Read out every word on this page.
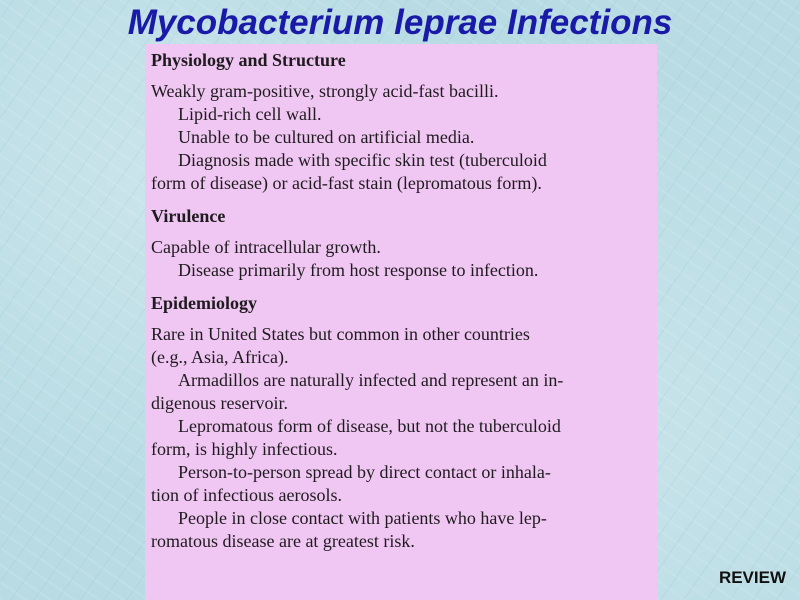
Mycobacterium leprae Infections

Physiology and Structure

Weakly gram-positive, strongly acid-fast bacilli.

Lipid-rich cell wall.

Unable to be cultured on artificial media.

Diagnosis made with specific skin test (tuberculoid

form of disease) or acid-fast stain (lepromatous form).

Virulence

Capable of intracellular growth.

Disease primarily from host response to infection.

Epidemiology

Rare in United States but common in other countries

(e.g., Asia, Africa).

Armadillos are naturally infected and represent an in-

digenous reservoir.

Lepromatous form of disease, but not the tuberculoid

form, is highly infectious.

Person-to-person spread by direct contact or inhala-

tion of infectious aerosols.

People in close contact with patients who have lep-

romatous disease are at greatest risk.

REVIEW
